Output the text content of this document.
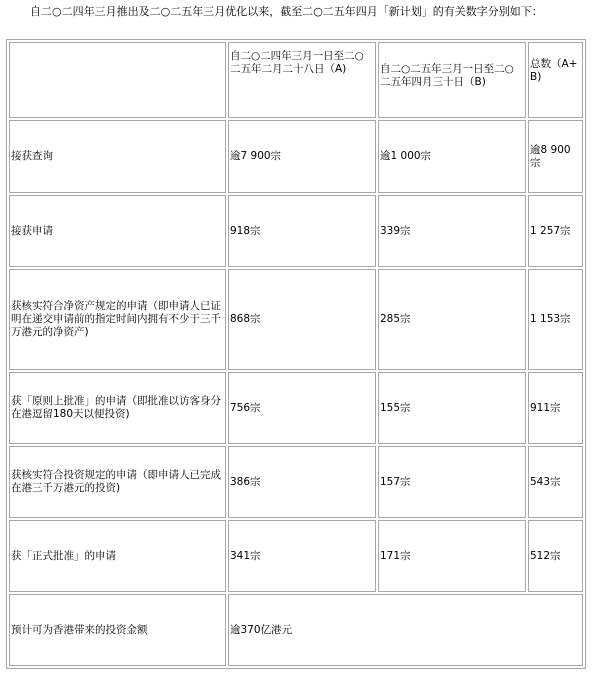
自二○二四年三月推出及二○二五年三月优化以来，截至二○二五年四月「新计划」的有关数字分别如下：
	自二○二四年三月一日至二○二五年二月二十八日（A)	自二○二五年三月一日至二○二五年四月三十日（B)	总数（A+B)
接获查询	逾7 900宗	逾1 000宗	逾8 900宗
接获申请	918宗	339宗	1 257宗
获核实符合净资产规定的申请（即申请人已证明在递交申请前的指定时间内拥有不少于三千万港元的净资产)	868宗	285宗	1 153宗
获「原则上批准」的申请（即批准以访客身分在港逗留180天以便投资)	756宗	155宗	911宗
获核实符合投资规定的申请（即申请人已完成在港三千万港元的投资)	386宗	157宗	543宗
获「正式批准」的申请	341宗	171宗	512宗
预计可为香港带来的投资金额	逾370亿港元		
